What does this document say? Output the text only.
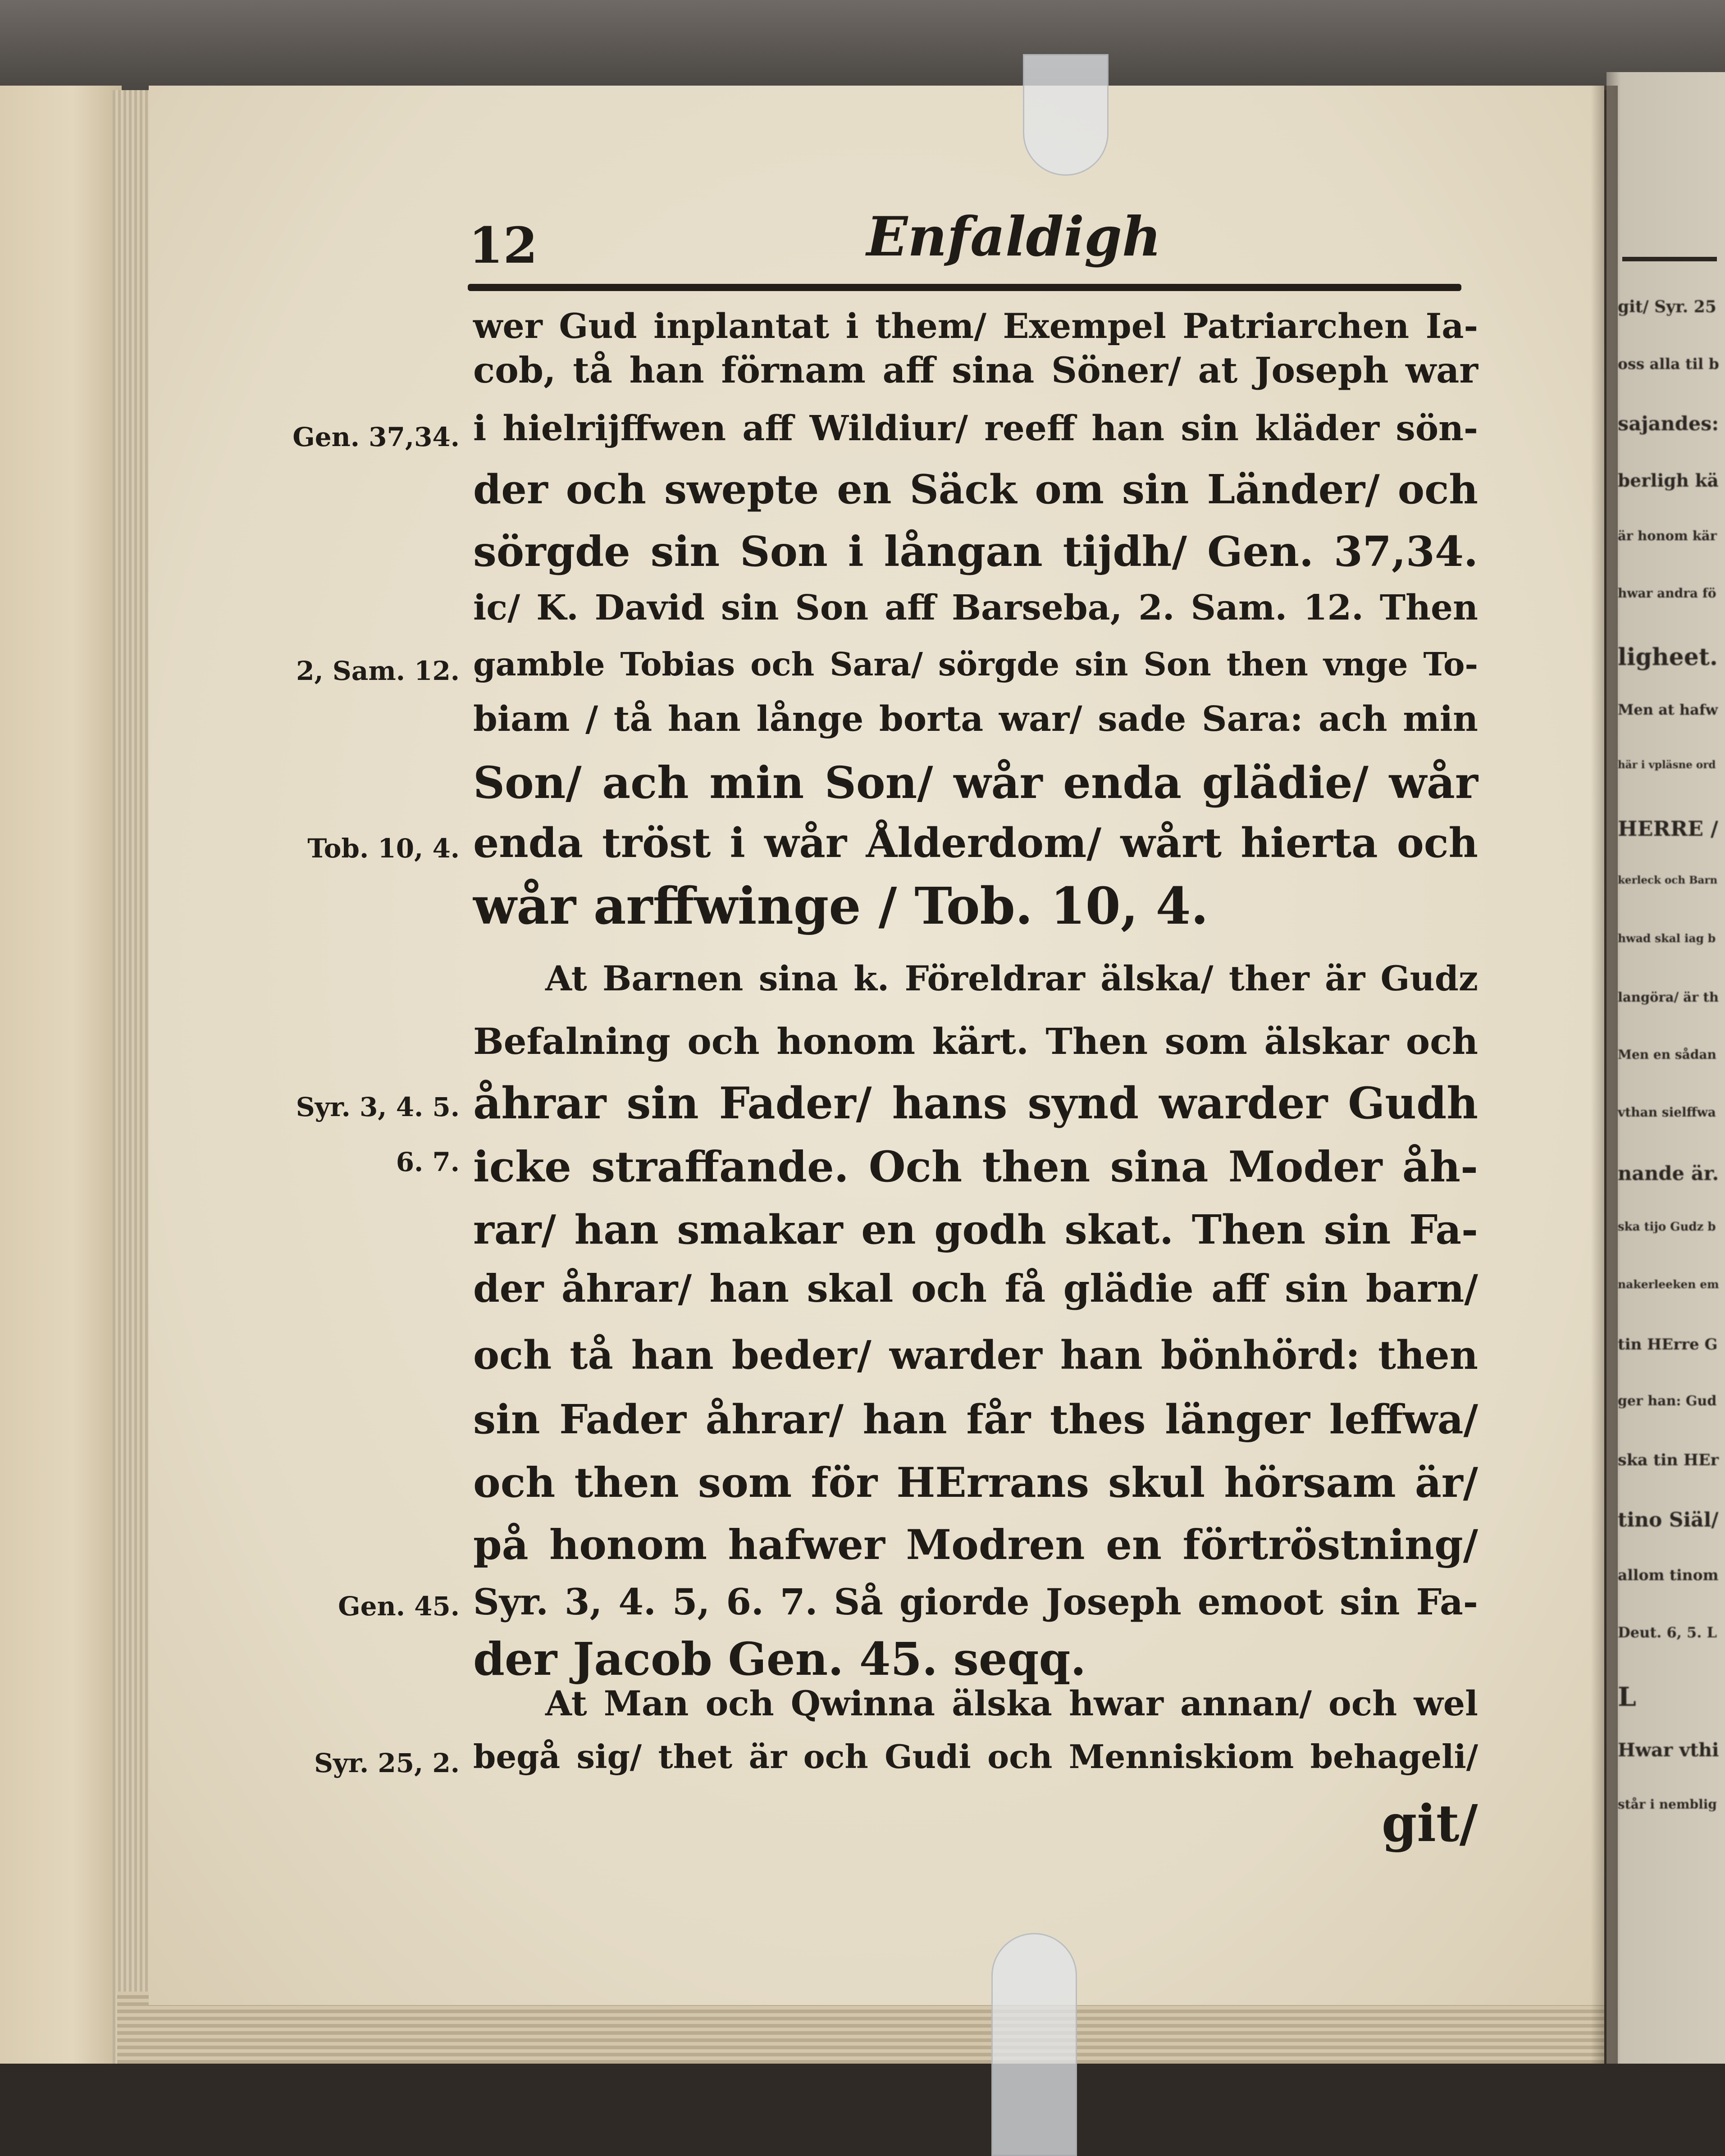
git/ Syr. 25
oss alla til b
sajandes:
berligh kä
är honom kär
hwar andra fö
ligheet.
Men at hafw
här i vpläsne ord
HERRE /
kerleck och Barn
hwad skal iag b
langöra/ är th
Men en sådan
vthan sielffwa
nande är.
ska tijo Gudz b
nakerleeken em
tin HErre G
ger han: Gud
ska tin HEr
tino Siäl/
allom tinom
Deut. 6, 5. L
L
Hwar vthi
står i nemblig
12	Enfaldigh
wer Gud inplantat i them/ Exempel Patriarchen Ia-
cob, tå han förnam aff sina Söner/ at Joseph war
i hielrijffwen aff Wildiur/ reeff han sin kläder sön-
der och swepte en Säck om sin Länder/ och
sörgde sin Son i långan tijdh/ Gen. 37,34.
ic/ K. David sin Son aff Barseba, 2. Sam. 12. Then
gamble Tobias och Sara/ sörgde sin Son then vnge To-
biam / tå han långe borta war/ sade Sara: ach min
Son/ ach min Son/ wår enda glädie/ wår
enda tröst i wår Ålderdom/ wårt hierta och
wår arffwinge / Tob. 10, 4.
At Barnen sina k. Föreldrar älska/ ther är Gudz
Befalning och honom kärt. Then som älskar och
åhrar sin Fader/ hans synd warder Gudh
icke straffande. Och then sina Moder åh-
rar/ han smakar en godh skat. Then sin Fa-
der åhrar/ han skal och få glädie aff sin barn/
och tå han beder/ warder han bönhörd: then
sin Fader åhrar/ han får thes länger leffwa/
och then som för HErrans skul hörsam är/
på honom hafwer Modren en förtröstning/
Syr. 3, 4. 5, 6. 7. Så giorde Joseph emoot sin Fa-
der Jacob Gen. 45. seqq.
At Man och Qwinna älska hwar annan/ och wel
begå sig/ thet är och Gudi och Menniskiom behageli/
git/
Gen. 37,34.
2, Sam. 12.
Tob. 10, 4.
Syr. 3, 4. 5.
6. 7.
Gen. 45.
Syr. 25, 2.
